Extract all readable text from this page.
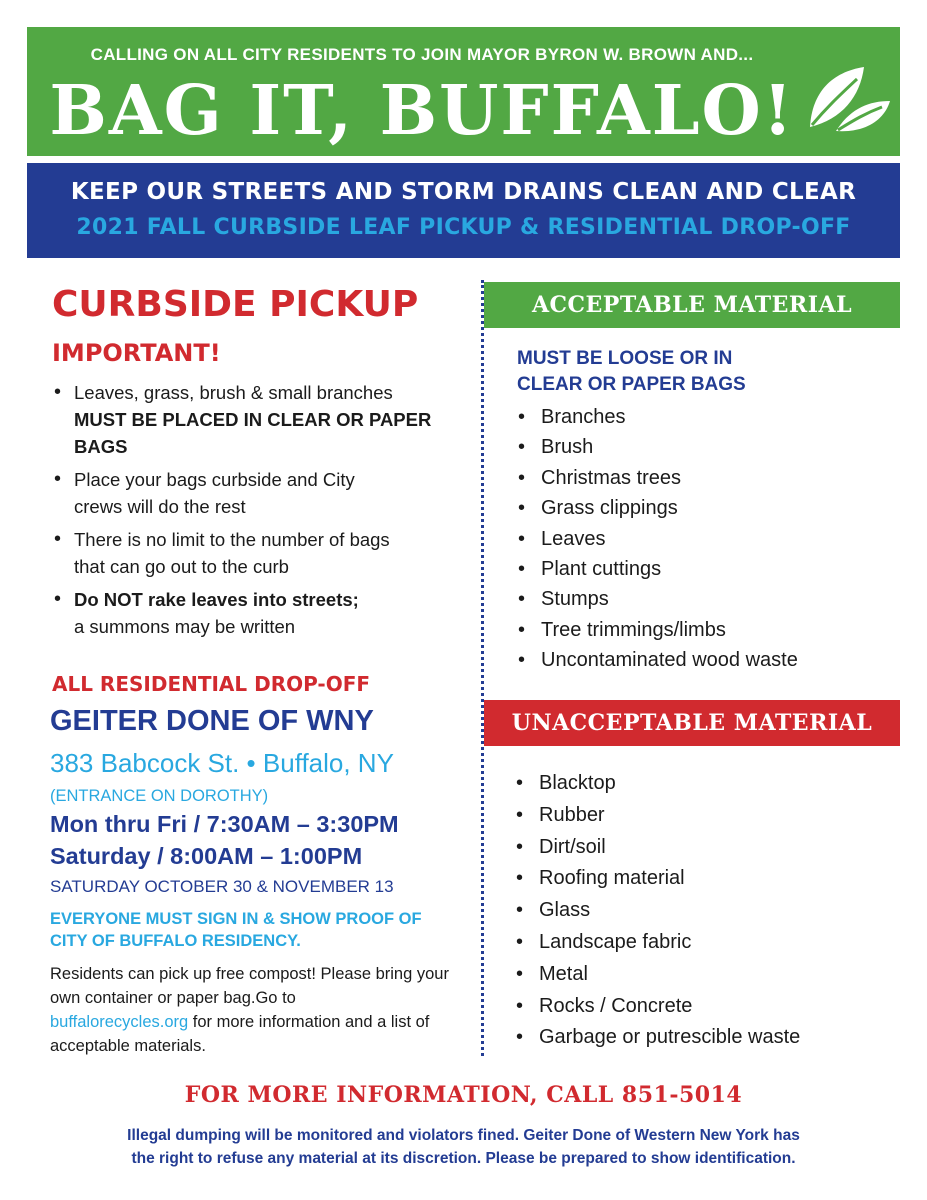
CALLING ON ALL CITY RESIDENTS TO JOIN MAYOR BYRON W. BROWN AND...
BAG IT, BUFFALO!
KEEP OUR STREETS AND STORM DRAINS CLEAN AND CLEAR
2021 FALL CURBSIDE LEAF PICKUP & RESIDENTIAL DROP-OFF
CURBSIDE PICKUP
IMPORTANT!
• Leaves, grass, brush & small branches
MUST BE PLACED IN CLEAR OR PAPER BAGS
• Place your bags curbside and City crews will do the rest
• There is no limit to the number of bags that can go out to the curb
• Do NOT rake leaves into streets;
a summons may be written
ALL RESIDENTIAL DROP-OFF
GEITER DONE OF WNY
383 Babcock St. • Buffalo, NY
(ENTRANCE ON DOROTHY)
Mon thru Fri / 7:30AM – 3:30PM
Saturday / 8:00AM – 1:00PM
SATURDAY OCTOBER 30 & NOVEMBER 13
EVERYONE MUST SIGN IN & SHOW PROOF OF CITY OF BUFFALO RESIDENCY.
Residents can pick up free compost! Please bring your own container or paper bag.Go to
buffalorecycles.org for more information and a list of acceptable materials.
ACCEPTABLE MATERIAL
MUST BE LOOSE OR IN
CLEAR OR PAPER BAGS
• Branches
• Brush
• Christmas trees
• Grass clippings
• Leaves
• Plant cuttings
• Stumps
• Tree trimmings/limbs
• Uncontaminated wood waste
UNACCEPTABLE MATERIAL
• Blacktop
• Rubber
• Dirt/soil
• Roofing material
• Glass
• Landscape fabric
• Metal
• Rocks / Concrete
• Garbage or putrescible waste
FOR MORE INFORMATION, CALL 851-5014
Illegal dumping will be monitored and violators fined. Geiter Done of Western New York has
the right to refuse any material at its discretion. Please be prepared to show identification.
